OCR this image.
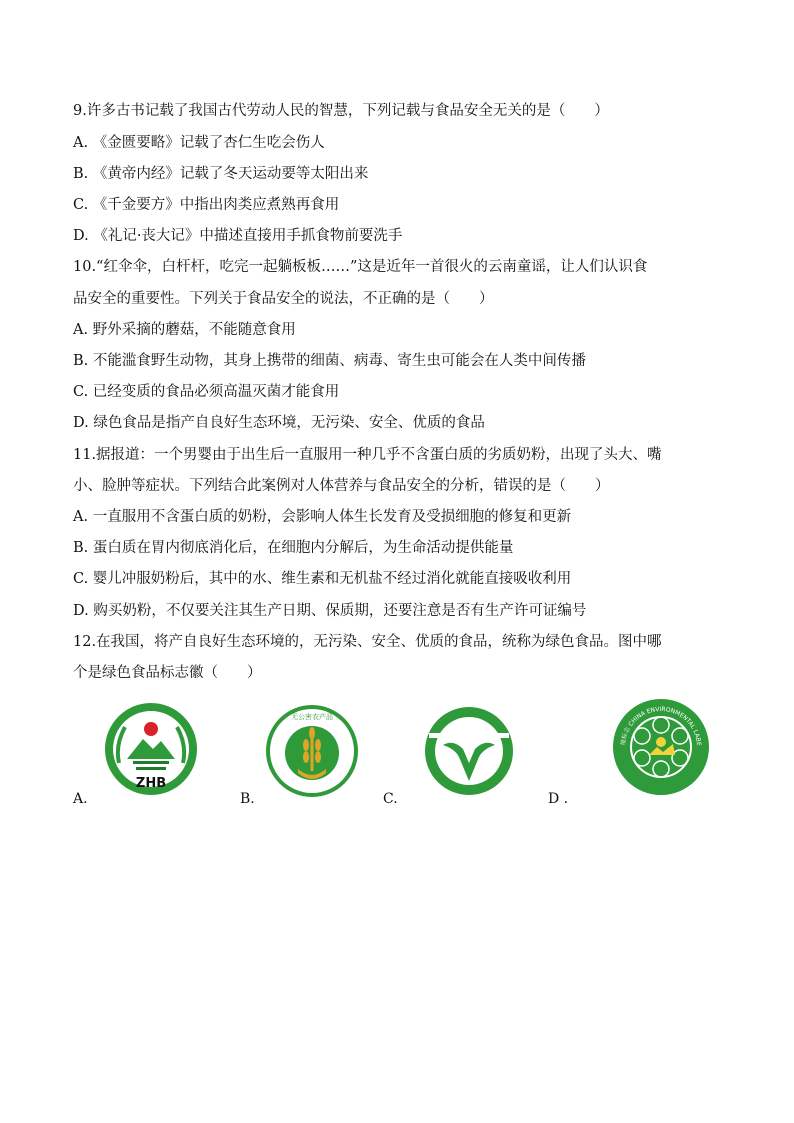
9.许多古书记载了我国古代劳动人民的智慧，下列记载与食品安全无关的是（　　）
A. 《金匮要略》记载了杏仁生吃会伤人
B. 《黄帝内经》记载了冬天运动要等太阳出来
C. 《千金要方》中指出肉类应煮熟再食用
D. 《礼记·丧大记》中描述直接用手抓食物前要洗手
10.“红伞伞，白杆杆，吃完一起躺板板……”这是近年一首很火的云南童谣，让人们认识食
品安全的重要性。下列关于食品安全的说法，不正确的是（　　）
A. 野外采摘的蘑菇，不能随意食用
B. 不能滥食野生动物，其身上携带的细菌、病毒、寄生虫可能会在人类中间传播
C. 已经变质的食品必须高温灭菌才能食用
D. 绿色食品是指产自良好生态环境，无污染、安全、优质的食品
11.据报道：一个男婴由于出生后一直服用一种几乎不含蛋白质的劣质奶粉，出现了头大、嘴
小、脸肿等症状。下列结合此案例对人体营养与食品安全的分析，错误的是（　　）
A. 一直服用不含蛋白质的奶粉，会影响人体生长发育及受损细胞的修复和更新
B. 蛋白质在胃内彻底消化后，在细胞内分解后，为生命活动提供能量
C. 婴儿冲服奶粉后，其中的水、维生素和无机盐不经过消化就能直接吸收利用
D. 购买奶粉，不仅要关注其生产日期、保质期，还要注意是否有生产许可证编号
12.在我国，将产自良好生态环境的，无污染、安全、优质的食品，统称为绿色食品。图中哪
个是绿色食品标志徽（　　）
ZHB
无公害农产品
境标志 CHINA ENVIRONMENTAL LABE
A.	B.	C.	D .
